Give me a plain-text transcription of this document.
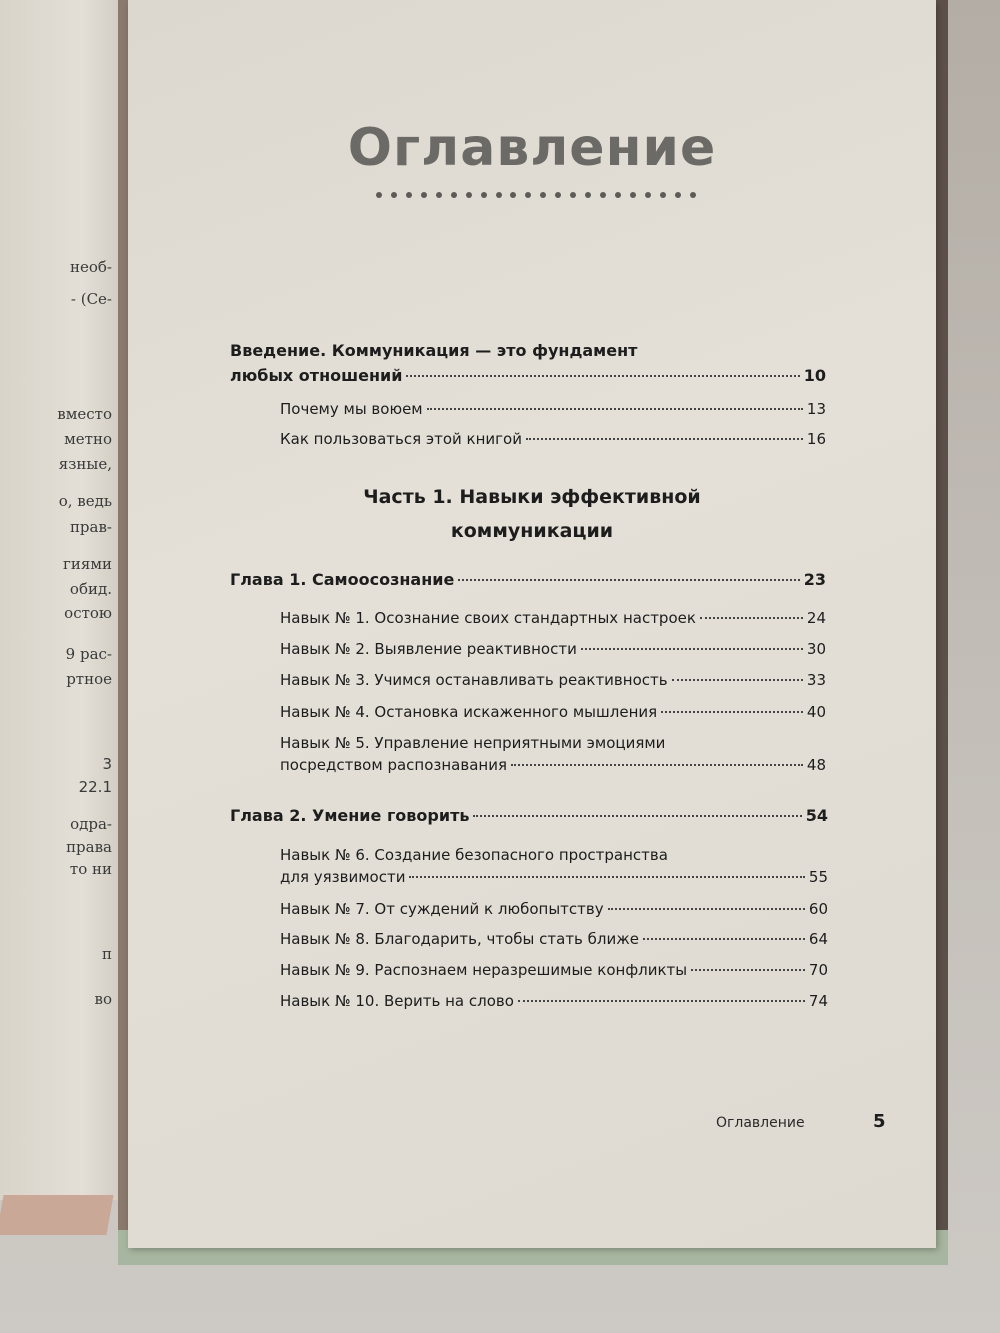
необ-
- (Се-
вместо
метно
язные,
о, ведь
прав-
гиями
обид.
остою
9 рас-
ртное
3
22.1
одра-
права
то ни
п
во
Оглавление
Введение. Коммуникация — это фундамент
любых отношений	10
Почему мы воюем	13
Как пользоваться этой книгой	16
Часть 1. Навыки эффективной
коммуникации
Глава 1. Самоосознание	23
Навык № 1. Осознание своих стандартных настроек	24
Навык № 2. Выявление реактивности	30
Навык № 3. Учимся останавливать реактивность	33
Навык № 4. Остановка искаженного мышления	40
Навык № 5. Управление неприятными эмоциями
посредством распознавания	48
Глава 2. Умение говорить	54
Навык № 6. Создание безопасного пространства
для уязвимости	55
Навык № 7. От суждений к любопытству	60
Навык № 8. Благодарить, чтобы стать ближе	64
Навык № 9. Распознаем неразрешимые конфликты	70
Навык № 10. Верить на слово	74
Оглавление	5
